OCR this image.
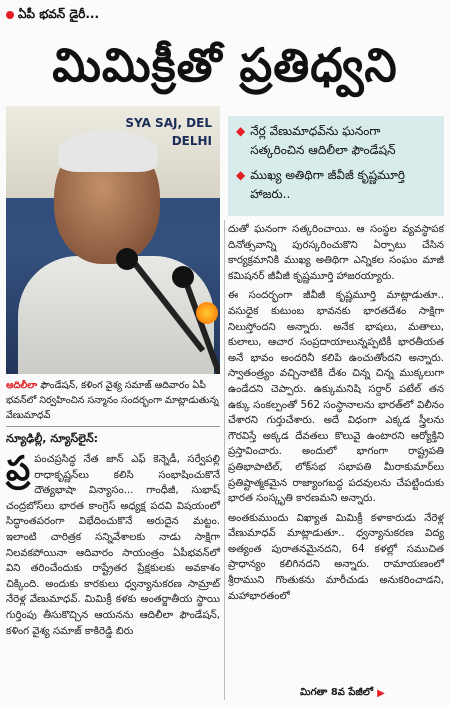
ఏపీ భవన్ డైరీ...
మిమిక్రీతో ప్రతిధ్వని
SYA SAJ, DEL DELHI
◆ నేర్ల వేణుమాధవ్‌ను ఘనంగా సత్కరించిన ఆదిలీలా ఫౌండేషన్
◆ ముఖ్య అతిథిగా జీవీజీ కృష్ణమూర్తి హాజరు..
ఆదిలీలా ఫౌండేషన్, కళింగ వైశ్య సమాజ్ ఆదివారం ఏపీ భవన్‌లో నిర్వహించిన సన్మానం సందర్భంగా మాట్లాడుతున్న వేణుమాధవ్
న్యూఢిల్లీ, న్యూస్‌లైన్:
ప్ర పంచప్రసిద్ధ నేత జాన్ ఎఫ్ కెన్నెడీ, సర్వేపల్లి రాధాకృష్ణన్‌లు కలిసి సంభాషించుకొనే దౌత్యభాషా విన్యాసం... గాంధీజీ, సుభాష్ చంద్రబోస్‌లు భారత కాంగ్రెస్ అధ్యక్ష పదవి విషయంలో సిద్ధాంతపరంగా విభేదించుకొనే అరుదైన మట్టం. ఇలాంటి చారిత్రక సన్నివేశాలకు నాడు సాక్షిగా నిలవకపోయినా ఆదివారం సాయంత్రం ఏపీభవన్‌లో విని తరించేందుకు రాష్ట్రేతర ప్రేక్షకులకు అవకాశం చిక్కింది. అందుకు కారకులు ధ్వన్యానుకరణ సామ్రాట్ నేరెళ్ల వేణుమాధవ్. మిమిక్రీ కళకు అంతర్జాతీయ స్థాయి గుర్తింపు తీసుకొచ్చిన ఆయనను ఆదిలీలా ఫౌండేషన్, కళింగ వైశ్య సమాజ్ కాకిరెడ్డి బిరు

దుతో ఘనంగా సత్కరించాయి. ఆ సంస్థల వ్యవస్థాపక దినోత్సవాన్ని పురస్కరించుకొని ఏర్పాటు చేసిన కార్యక్రమానికి ముఖ్య అతిథిగా ఎన్నికల సంఘం మాజీ కమిషనర్ జీవీజీ కృష్ణమూర్తి హాజరయ్యారు.

ఈ సందర్భంగా జీవీజీ కృష్ణమూర్తి మాట్లాడుతూ.. వసుధైక కుటుంబ భావనకు భారతదేశం సాక్షిగా నిలుస్తోందని అన్నారు. అనేక భాషలు, మతాలు, కులాలు, ఆచార సంప్రదాయాలున్నప్పటికీ భారతీయత అనే భావం అందరినీ కలిపి ఉంచుతోందని అన్నారు. స్వాతంత్ర్యం వచ్చినాటికి దేశం చిన్న చిన్న ముక్కలుగా ఉండేదని చెప్పారు. ఉక్కుమనిషి సర్దార్ పటేల్ తన ఉక్కు సంకల్పంతో 562 సంస్థానాలను భారత్‌లో విలీనం చేశారని గుర్తుచేశారు. అదే విధంగా ఎక్కడ స్త్రీలను గౌరవిస్తే అక్కడ దేవతలు కొలువై ఉంటారని ఆర్యోక్తిని ప్రస్తావించారు. అందులో భాగంగా రాష్ట్రపతి ప్రతిభాపాటిల్, లోక్‌సభ సభాపతి మీరాకుమార్‌లు ప్రతిష్టాత్మకమైన రాజ్యాంగబద్ధ పదవులను చేపట్టిందుకు భారత సంస్కృతి కారణమని అన్నారు.

అంతకుముందు విఖ్యాత మిమిక్రీ కళాకారుడు నేరెళ్ల వేణుమాధవ్ మాట్లాడుతూ.. ధ్వన్యానుకరణ విద్య అత్యంత పురాతనమైనదని, 64 కళల్లో సముచిత ప్రాధాన్యం కలిగినదని అన్నారు. రామాయణంలో శ్రీరాముని గొంతుకను మారీచుడు అనుకరించాడని, మహాభారతంలో

మిగతా 8వ పేజీలో ▶
